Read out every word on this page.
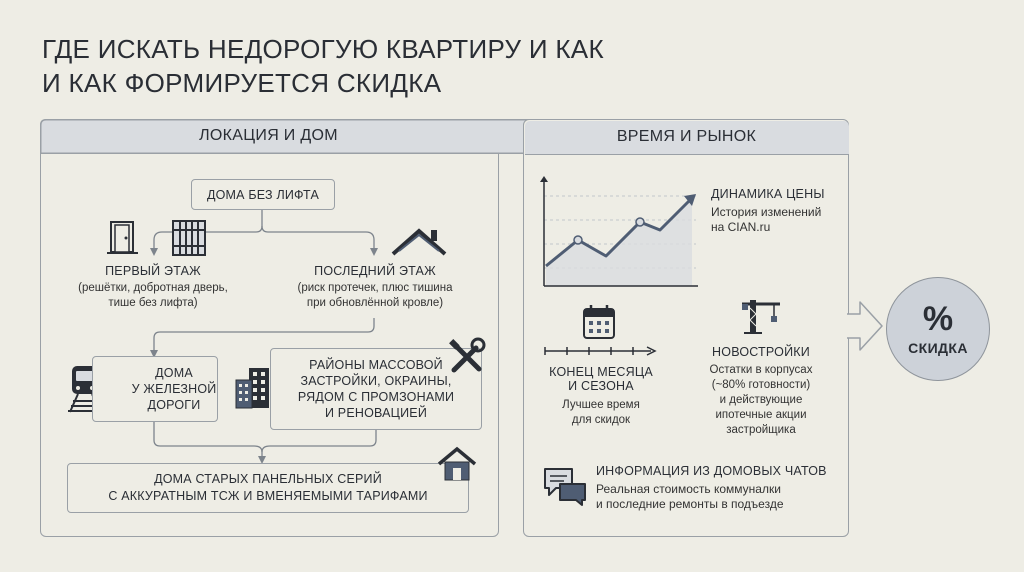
ГДЕ ИСКАТЬ НЕДОРОГУЮ КВАРТИРУ И КАК
И КАК ФОРМИРУЕТСЯ СКИДКА
ЛОКАЦИЯ И ДОМ
ДОМА БЕЗ ЛИФТА
ПЕРВЫЙ ЭТАЖ
(решётки, добротная дверь,
тише без лифта)
ПОСЛЕДНИЙ ЭТАЖ
(риск протечек, плюс тишина
при обновлённой кровле)
ДОМА
У ЖЕЛЕЗНОЙ
ДОРОГИ
РАЙОНЫ МАССОВОЙ
ЗАСТРОЙКИ, ОКРАИНЫ,
РЯДОМ С ПРОМЗОНАМИ
И РЕНОВАЦИЕЙ
ДОМА СТАРЫХ ПАНЕЛЬНЫХ СЕРИЙ
С АККУРАТНЫМ ТСЖ И ВМЕНЯЕМЫМИ ТАРИФАМИ
ВРЕМЯ И РЫНОК
ДИНАМИКА ЦЕНЫ
История изменений
на CIAN.ru
КОНЕЦ МЕСЯЦА
И СЕЗОНА
Лучшее время
для скидок
НОВОСТРОЙКИ
Остатки в корпусах
(~80% готовности)
и действующие
ипотечные акции
застройщика
ИНФОРМАЦИЯ ИЗ ДОМОВЫХ ЧАТОВ
Реальная стоимость коммуналки
и последние ремонты в подъезде
%
СКИДКА
